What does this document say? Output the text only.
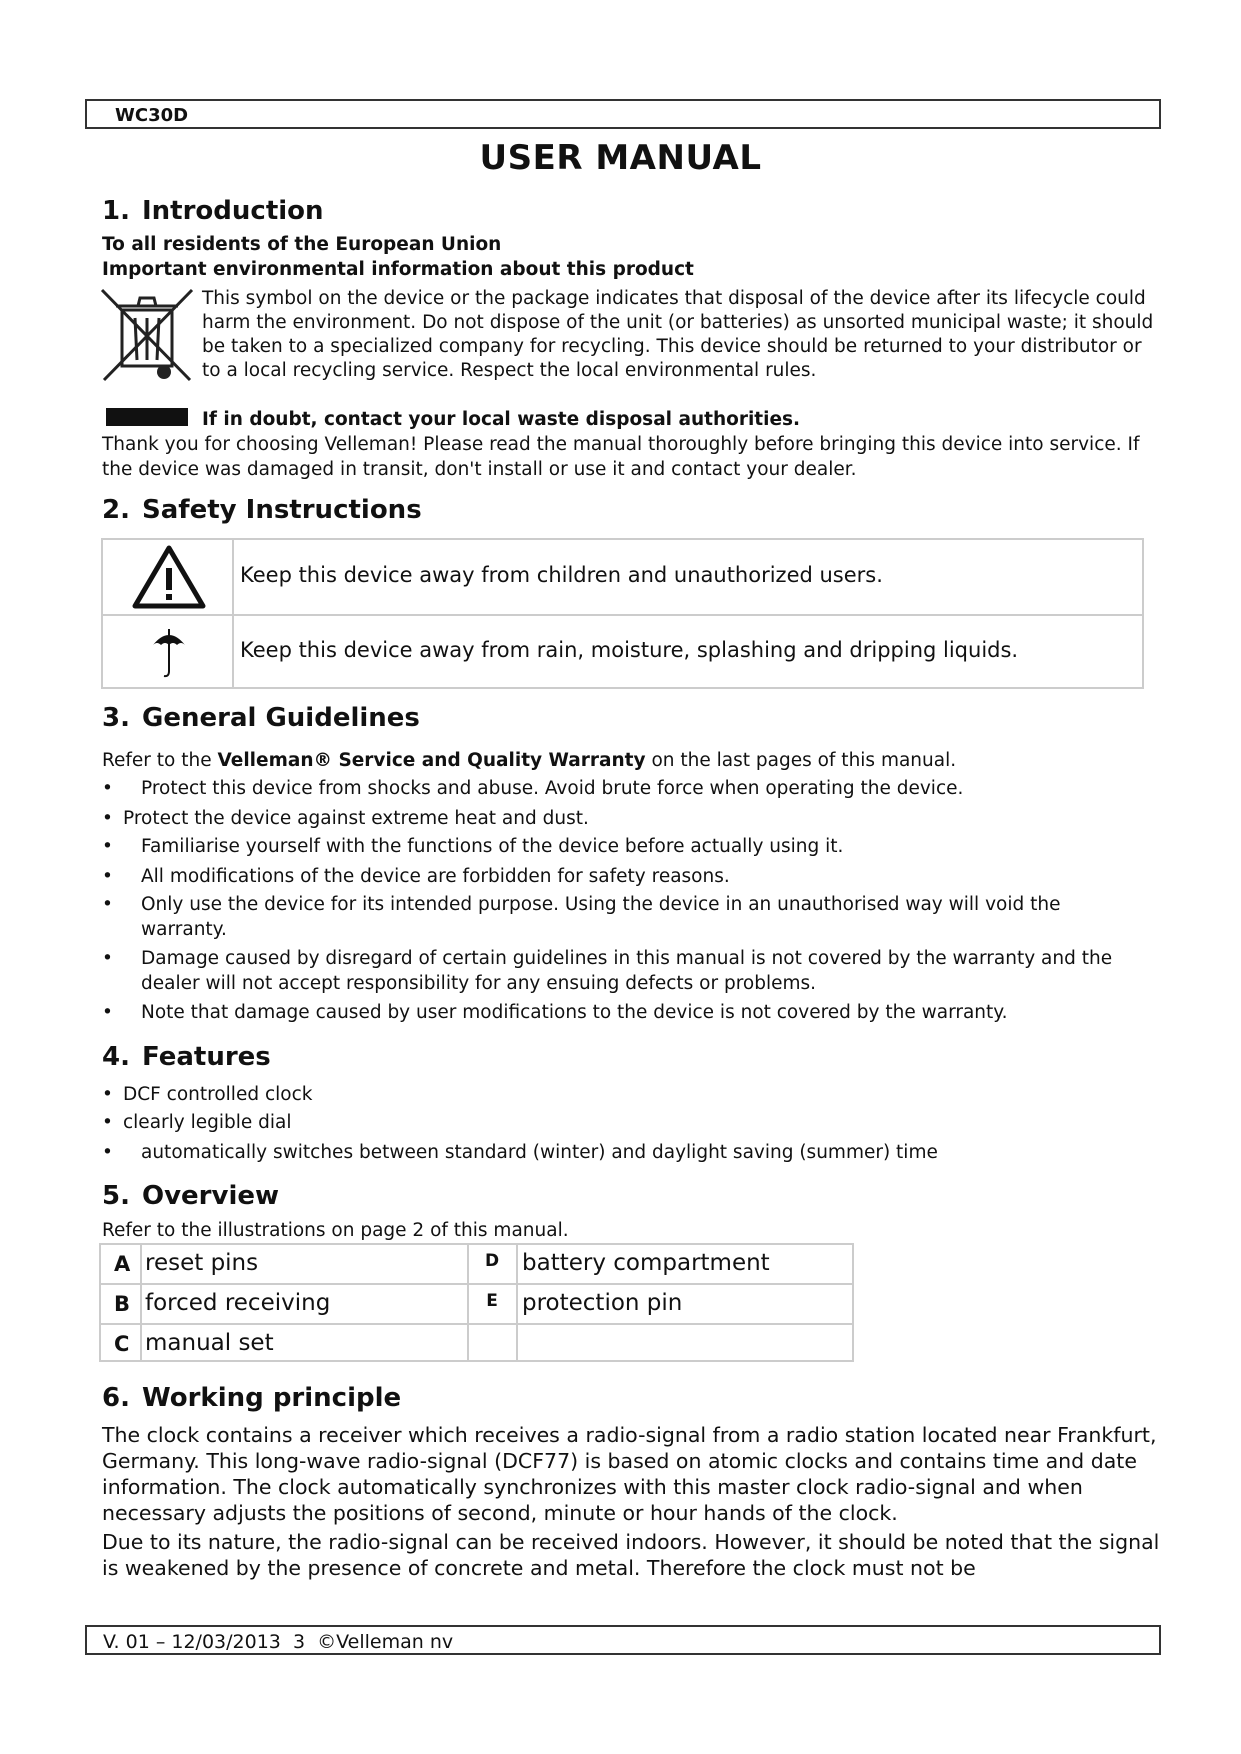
WC30D
USER MANUAL
1. Introduction
To all residents of the European Union
Important environmental information about this product
This symbol on the device or the package indicates that disposal of the device after its lifecycle could harm the environment. Do not dispose of the unit (or batteries) as unsorted municipal waste; it should be taken to a specialized company for recycling. This device should be returned to your distributor or to a local recycling service. Respect the local environmental rules.
If in doubt, contact your local waste disposal authorities.
Thank you for choosing Velleman! Please read the manual thoroughly before bringing this device into service. If the device was damaged in transit, don't install or use it and contact your dealer.
2. Safety Instructions
Keep this device away from children and unauthorized users.
Keep this device away from rain, moisture, splashing and dripping liquids.
3. General Guidelines
Refer to the Velleman® Service and Quality Warranty on the last pages of this manual.
• Protect this device from shocks and abuse. Avoid brute force when operating the device.
• Protect the device against extreme heat and dust.
• Familiarise yourself with the functions of the device before actually using it.
• All modifications of the device are forbidden for safety reasons.
• Only use the device for its intended purpose. Using the device in an unauthorised way will void the warranty.
• Damage caused by disregard of certain guidelines in this manual is not covered by the warranty and the dealer will not accept responsibility for any ensuing defects or problems.
• Note that damage caused by user modifications to the device is not covered by the warranty.
4. Features
• DCF controlled clock
• clearly legible dial
• automatically switches between standard (winter) and daylight saving (summer) time
5. Overview
Refer to the illustrations on page 2 of this manual.
A reset pins
B forced receiving
C manual set
D battery compartment
E	protection pin
6. Working principle
The clock contains a receiver which receives a radio-signal from a radio station located near Frankfurt, Germany. This long-wave radio-signal (DCF77) is based on atomic clocks and contains time and date information. The clock automatically synchronizes with this master clock radio-signal and when necessary adjusts the positions of second, minute or hour hands of the clock.
Due to its nature, the radio-signal can be received indoors. However, it should be noted that the signal is weakened by the presence of concrete and metal. Therefore the clock must not be
V. 01 – 12/03/2013  3  ©Velleman nv
